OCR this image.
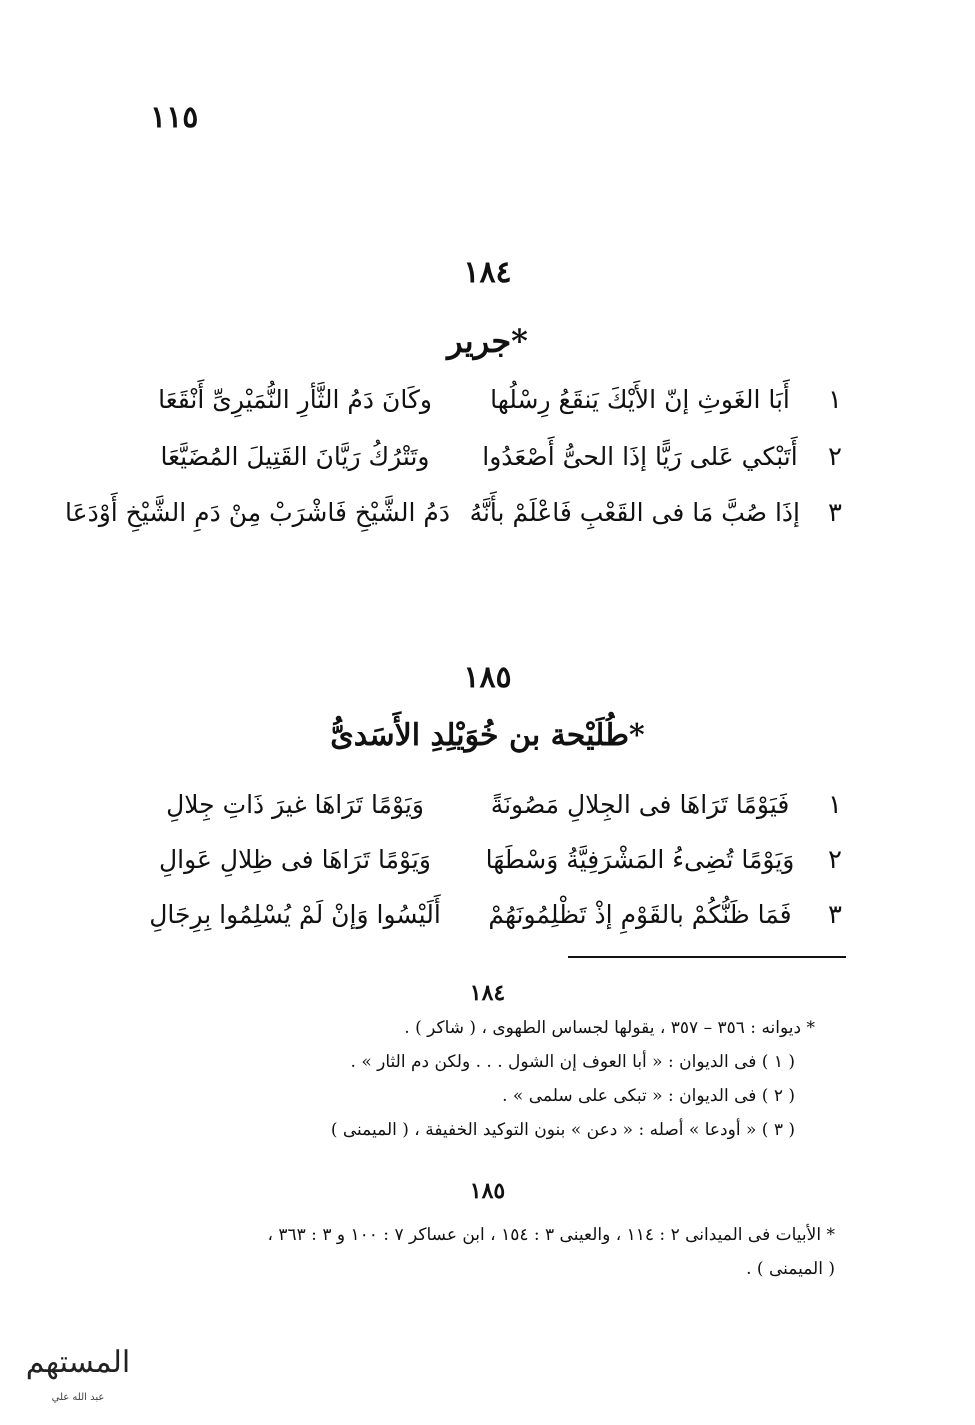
١١٥
١٨٤
جرير*
١
أَبَا الغَوثِ إنّ الأَيْكَ يَنقَعُ رِسْلُها
وكَانَ دَمُ الثَّأرِ النُّمَيْرِىِّ أَنْقَعَا
٢
أَتَبْكي عَلى رَيًّا إذَا الحىُّ أَصْعَدُوا
وتَتْرُكُ رَيَّانَ القَتِيلَ المُضَيَّعَا
٣
إذَا صُبَّ مَا فى القَعْبِ فَاعْلَمْ بأَنَّهُ
دَمُ الشَّيْخِ فَاشْرَبْ مِنْ دَمِ الشَّيْخِ أَوْدَعَا
١٨٥
طُلَيْحة بن خُوَيْلِدِ الأَسَدىُّ*
١
فَيَوْمًا تَرَاهَا فى الجِلالِ مَصُونَةً
وَيَوْمًا تَرَاهَا غيرَ ذَاتِ جِلالِ
٢
وَيَوْمًا تُضِىءُ المَشْرَفِيَّةُ وَسْطَهَا
وَيَوْمًا تَرَاهَا فى ظِلالِ عَوالِ
٣
فَمَا ظَنُّكُمْ بالقَوْمِ إذْ تَظْلِمُونَهُمْ
أَلَيْسُوا وَإنْ لَمْ يُسْلِمُوا بِرِجَالِ
١٨٤
* ديوانه : ٣٥٦ – ٣٥٧ ، يقولها لجساس الطهوى ، ( شاكر ) .
( ١ ) فى الديوان : « أبا العوف إن الشول . . . ولكن دم الثار » .
( ٢ ) فى الديوان : « تبكى على سلمى » .
( ٣ ) « أودعا » أصله : « دعن » بنون التوكيد الخفيفة ، ( الميمنى )
١٨٥
* الأبيات فى الميدانى ٢ : ١١٤ ، والعينى ٣ : ١٥٤ ، ابن عساكر ٧ : ١٠٠ و ٣ : ٣٦٣ ،
( الميمنى ) .
المستهم
عبد الله علي
